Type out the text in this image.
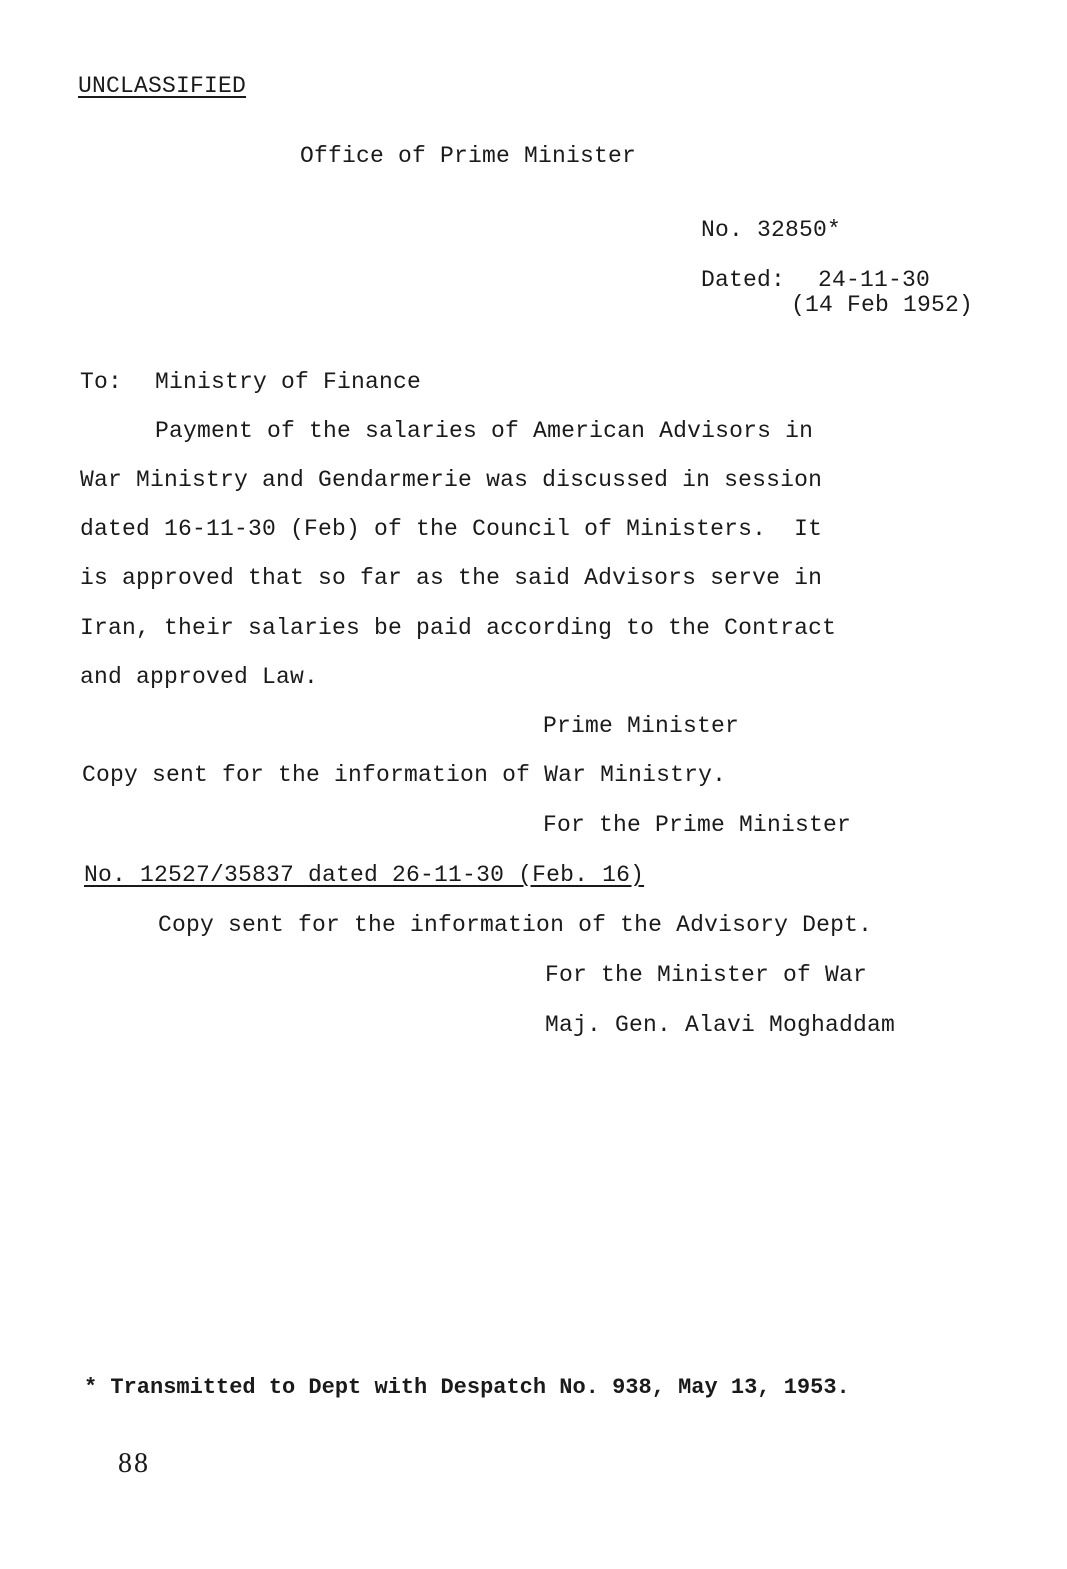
UNCLASSIFIED
Office of Prime Minister
No. 32850*
Dated: 24-11-30
(14 Feb 1952)
To: Ministry of Finance
Payment of the salaries of American Advisors in
War Ministry and Gendarmerie was discussed in session
dated 16-11-30 (Feb) of the Council of Ministers.  It
is approved that so far as the said Advisors serve in
Iran, their salaries be paid according to the Contract
and approved Law.
Prime Minister
Copy sent for the information of War Ministry.
For the Prime Minister
No. 12527/35837 dated 26-11-30 (Feb. 16)
Copy sent for the information of the Advisory Dept.
For the Minister of War
Maj. Gen. Alavi Moghaddam
* Transmitted to Dept with Despatch No. 938, May 13, 1953.
88
